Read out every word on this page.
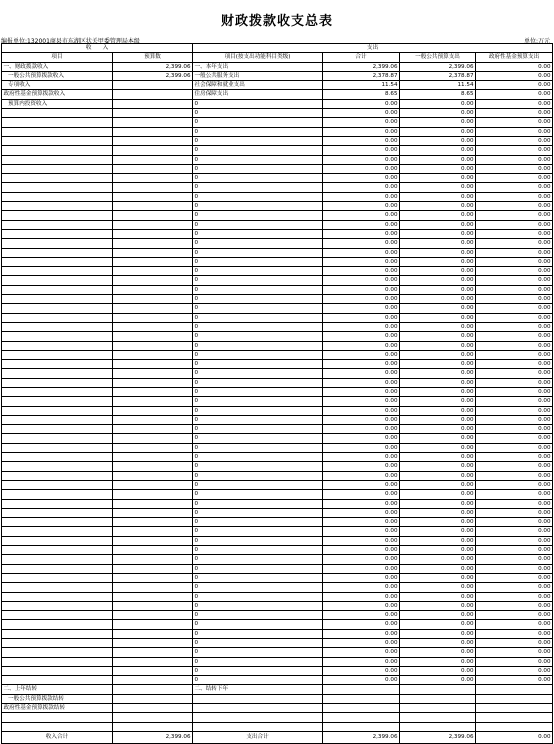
财政拨款收支总表
编报单位:132001商县市东湖区状关甲委管理局本级	单位:万元
收　　入		支出			
项目	预算数	项目(按支出功能科目类级)	合计	一般公共预算支出	政府性基金预算支出
一、财政拨款收入	2,399.06	一、本年支出	2,399.06	2,399.06	0.00
一般公共预算拨款收入	2,399.06	一般公共服务支出	2,378.87	2,378.87	0.00
专项收入		社会保障和就业支出	11.54	11.54	0.00
政府性基金预算拨款收入		住房保障支出	8.65	8.65	0.00
预算内投资收入		0	0.00	0.00	0.00
		0	0.00	0.00	0.00
		0	0.00	0.00	0.00
		0	0.00	0.00	0.00
		0	0.00	0.00	0.00
		0	0.00	0.00	0.00
		0	0.00	0.00	0.00
		0	0.00	0.00	0.00
		0	0.00	0.00	0.00
		0	0.00	0.00	0.00
		0	0.00	0.00	0.00
		0	0.00	0.00	0.00
		0	0.00	0.00	0.00
		0	0.00	0.00	0.00
		0	0.00	0.00	0.00
		0	0.00	0.00	0.00
		0	0.00	0.00	0.00
		0	0.00	0.00	0.00
		0	0.00	0.00	0.00
		0	0.00	0.00	0.00
		0	0.00	0.00	0.00
		0	0.00	0.00	0.00
		0	0.00	0.00	0.00
		0	0.00	0.00	0.00
		0	0.00	0.00	0.00
		0	0.00	0.00	0.00
		0	0.00	0.00	0.00
		0	0.00	0.00	0.00
		0	0.00	0.00	0.00
		0	0.00	0.00	0.00
		0	0.00	0.00	0.00
		0	0.00	0.00	0.00
		0	0.00	0.00	0.00
		0	0.00	0.00	0.00
		0	0.00	0.00	0.00
		0	0.00	0.00	0.00
		0	0.00	0.00	0.00
		0	0.00	0.00	0.00
		0	0.00	0.00	0.00
		0	0.00	0.00	0.00
		0	0.00	0.00	0.00
		0	0.00	0.00	0.00
		0	0.00	0.00	0.00
		0	0.00	0.00	0.00
		0	0.00	0.00	0.00
		0	0.00	0.00	0.00
		0	0.00	0.00	0.00
		0	0.00	0.00	0.00
		0	0.00	0.00	0.00
		0	0.00	0.00	0.00
		0	0.00	0.00	0.00
		0	0.00	0.00	0.00
		0	0.00	0.00	0.00
		0	0.00	0.00	0.00
		0	0.00	0.00	0.00
		0	0.00	0.00	0.00
		0	0.00	0.00	0.00
		0	0.00	0.00	0.00
		0	0.00	0.00	0.00
		0	0.00	0.00	0.00
		0	0.00	0.00	0.00
		0	0.00	0.00	0.00
		0	0.00	0.00	0.00
二、上年结转		二、结转下年			
一般公共预算拨款结转					
政府性基金预算拨款结转					

收入合计	2,399.06	支出合计	2,399.06	2,399.06	0.00
